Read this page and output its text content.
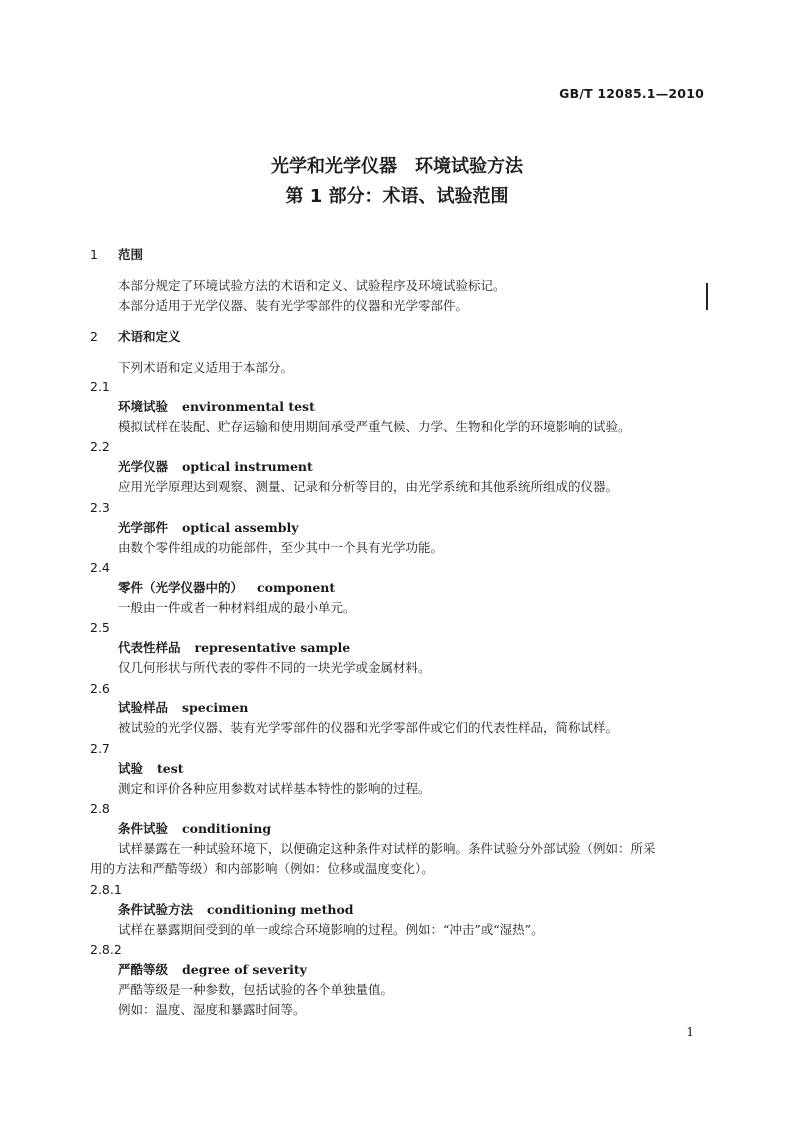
GB/T 12085.1—2010
光学和光学仪器　环境试验方法
第 1 部分：术语、试验范围
1 范围
本部分规定了环境试验方法的术语和定义、试验程序及环境试验标记。
本部分适用于光学仪器、装有光学零部件的仪器和光学零部件。
2 术语和定义
下列术语和定义适用于本部分。
2.1
环境试验 environmental test
模拟试样在装配、贮存运输和使用期间承受严重气候、力学、生物和化学的环境影响的试验。
2.2
光学仪器 optical instrument
应用光学原理达到观察、测量、记录和分析等目的，由光学系统和其他系统所组成的仪器。
2.3
光学部件 optical assembly
由数个零件组成的功能部件，至少其中一个具有光学功能。
2.4
零件（光学仪器中的） component
一般由一件或者一种材料组成的最小单元。
2.5
代表性样品 representative sample
仅几何形状与所代表的零件不同的一块光学或金属材料。
2.6
试验样品 specimen
被试验的光学仪器、装有光学零部件的仪器和光学零部件或它们的代表性样品，简称试样。
2.7
试验 test
测定和评价各种应用参数对试样基本特性的影响的过程。
2.8
条件试验 conditioning
试样暴露在一种试验环境下，以便确定这种条件对试样的影响。条件试验分外部试验（例如：所采
用的方法和严酷等级）和内部影响（例如：位移或温度变化）。
2.8.1
条件试验方法 conditioning method
试样在暴露期间受到的单一或综合环境影响的过程。例如：“冲击”或“湿热”。
2.8.2
严酷等级 degree of severity
严酷等级是一种参数，包括试验的各个单独量值。
例如：温度、湿度和暴露时间等。
1
